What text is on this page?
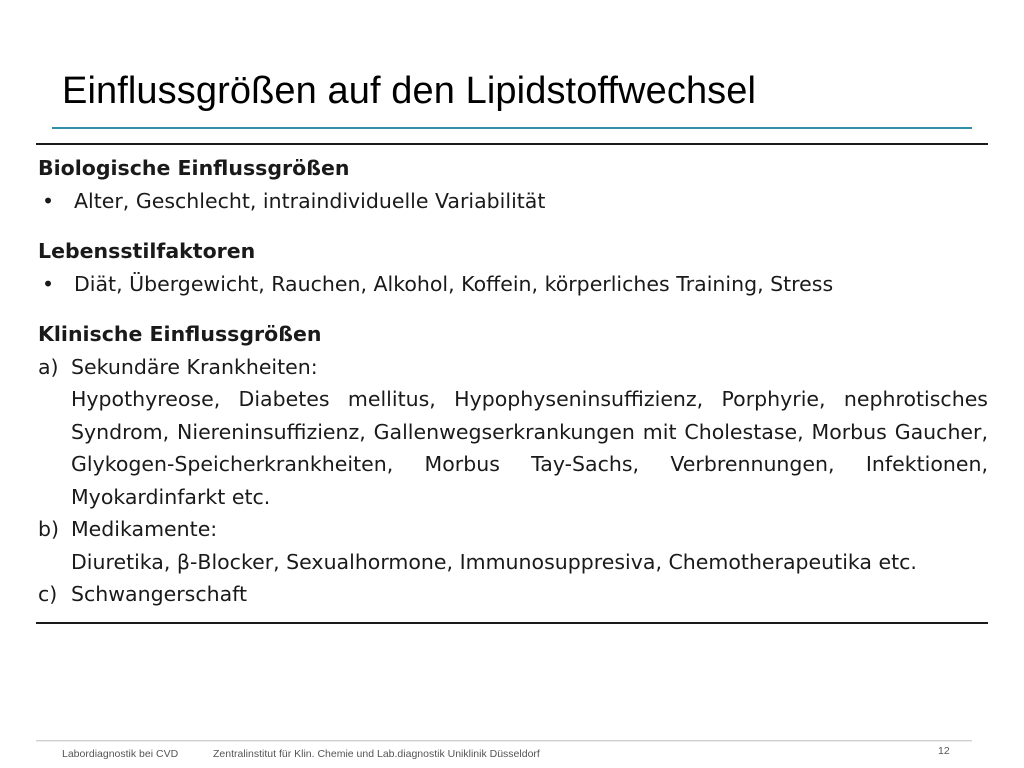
Einflussgrößen auf den Lipidstoffwechsel
Biologische Einflussgrößen
• Alter, Geschlecht, intraindividuelle Variabilität
Lebensstilfaktoren
• Diät, Übergewicht, Rauchen, Alkohol, Koffein, körperliches Training, Stress
Klinische Einflussgrößen
a) Sekundäre Krankheiten:
Hypothyreose, Diabetes mellitus, Hypophyseninsuffizienz, Porphyrie, nephrotisches Syndrom, Niereninsuffizienz, Gallenwegserkrankungen mit Cholestase, Morbus Gaucher, Glykogen-Speicherkrankheiten, Morbus Tay-Sachs, Verbrennungen, Infektionen, Myokardinfarkt etc.
b) Medikamente:
Diuretika, β-Blocker, Sexualhormone, Immunosuppresiva, Chemotherapeutika etc.
c) Schwangerschaft
Labordiagnostik bei CVD	Zentralinstitut für Klin. Chemie und Lab.diagnostik Uniklinik Düsseldorf	12
